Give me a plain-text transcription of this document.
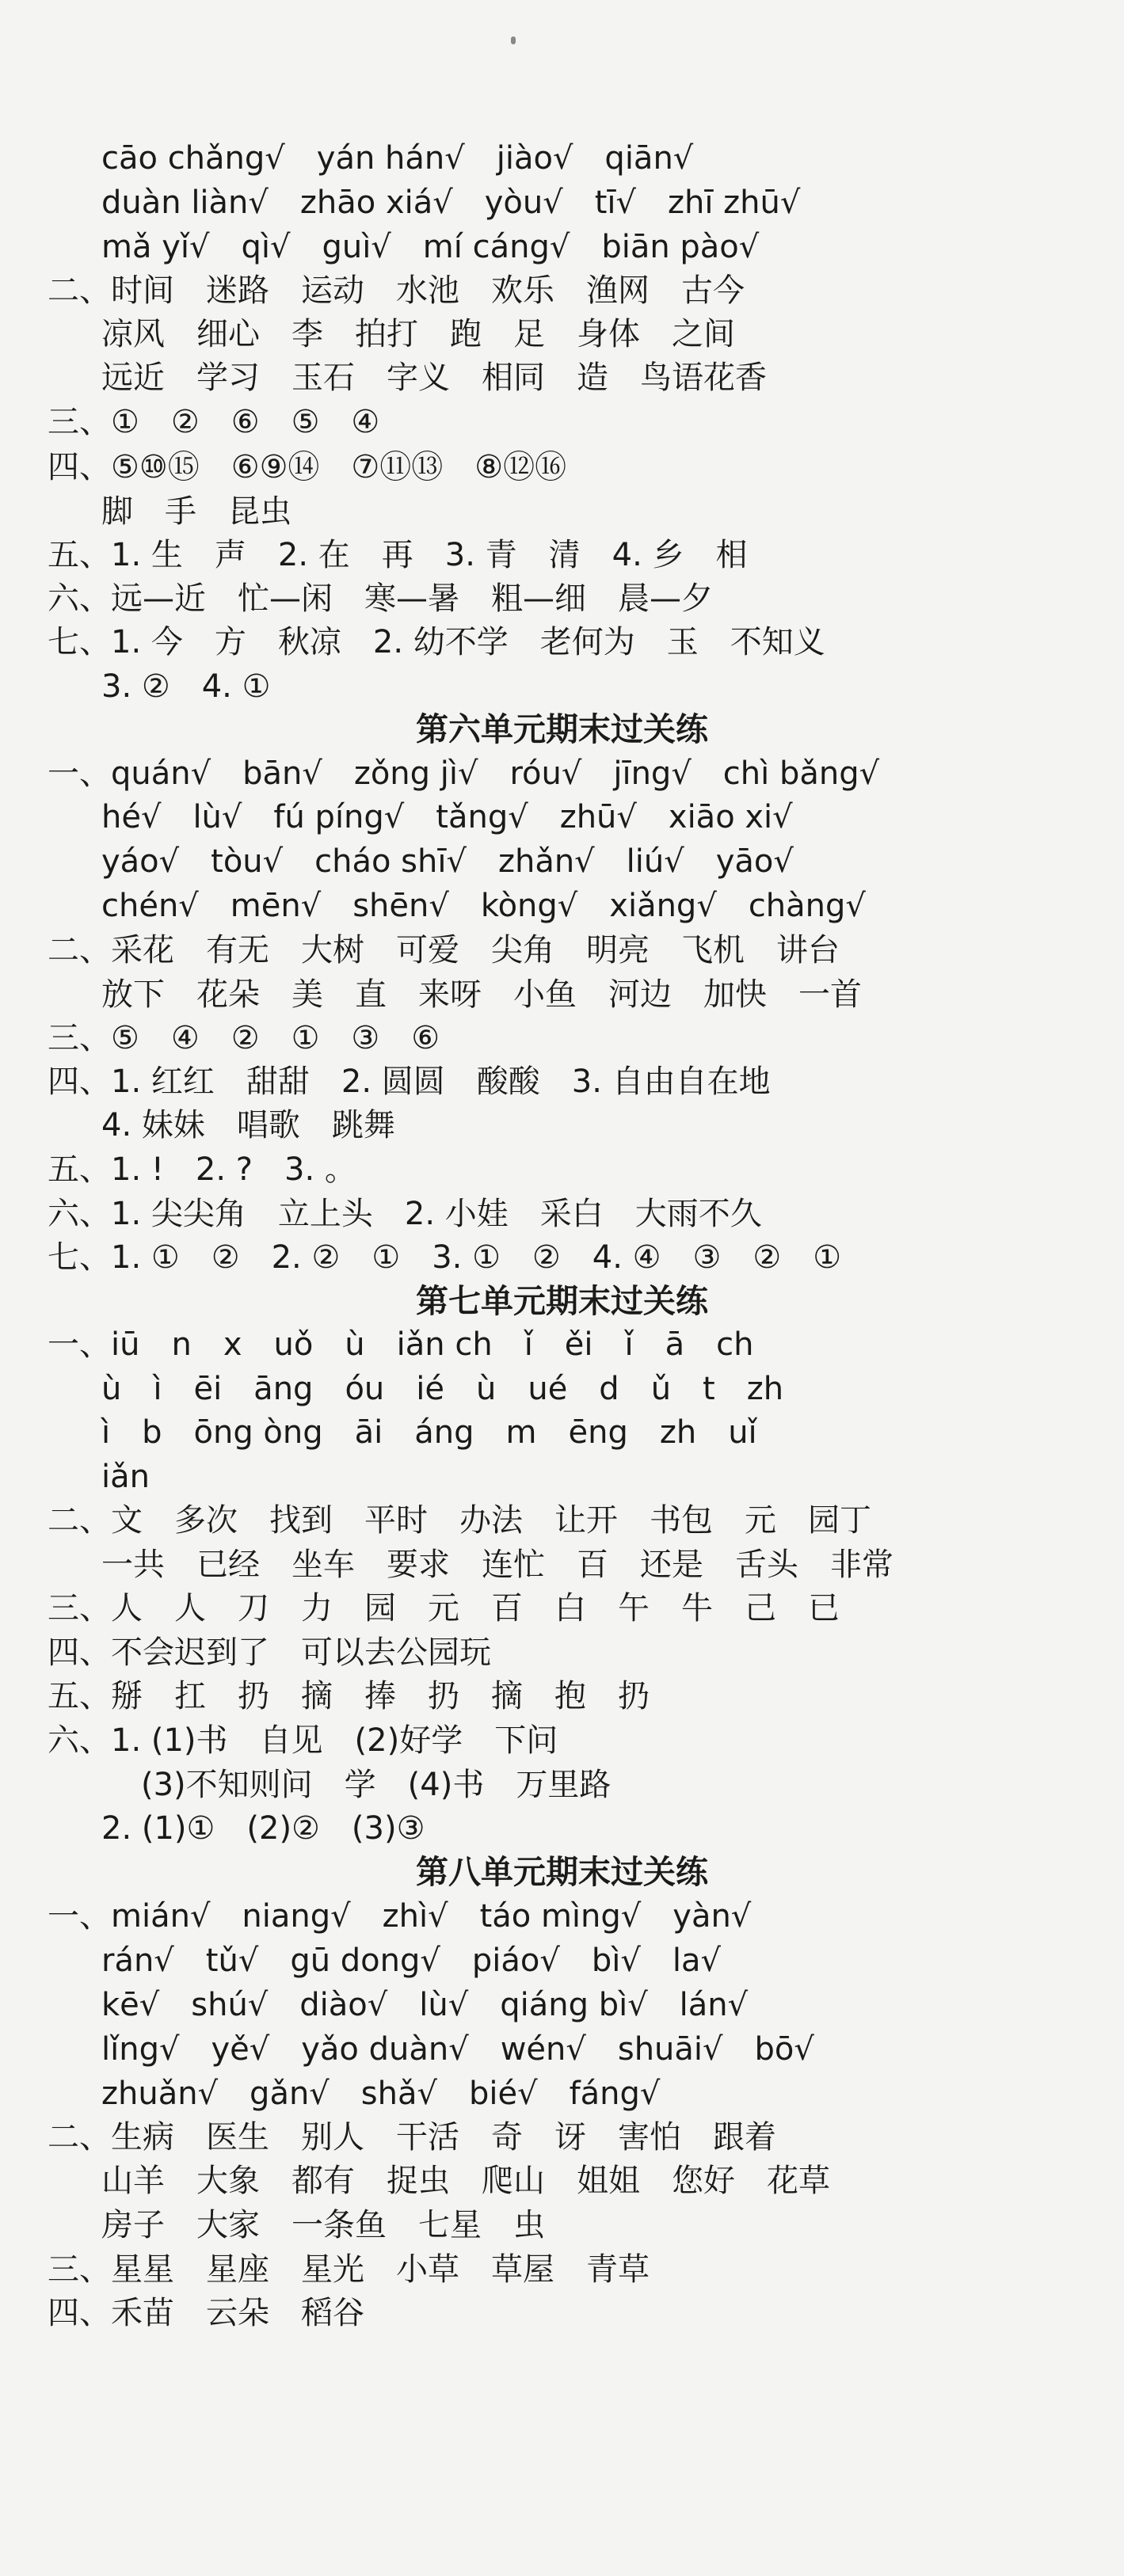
cāo chǎng√　yán hán√　jiào√　qiān√
duàn liàn√　zhāo xiá√　yòu√　tī√　zhī zhū√
mǎ yǐ√　qì√　guì√　mí cáng√　biān pào√
二、时间　迷路　运动　水池　欢乐　渔网　古今
凉风　细心　李　拍打　跑　足　身体　之间
远近　学习　玉石　字义　相同　造　鸟语花香
三、①　②　⑥　⑤　④
四、⑤⑩⑮　⑥⑨⑭　⑦⑪⑬　⑧⑫⑯
脚　手　昆虫
五、1. 生　声　2. 在　再　3. 青　清　4. 乡　相
六、远—近　忙—闲　寒—暑　粗—细　晨—夕
七、1. 今　方　秋凉　2. 幼不学　老何为　玉　不知义
3. ②　4. ①
第六单元期末过关练
一、quán√　bān√　zǒng jì√　róu√　jīng√　chì bǎng√
hé√　lù√　fú píng√　tǎng√　zhū√　xiāo xi√
yáo√　tòu√　cháo shī√　zhǎn√　liú√　yāo√
chén√　mēn√　shēn√　kòng√　xiǎng√　chàng√
二、采花　有无　大树　可爱　尖角　明亮　飞机　讲台
放下　花朵　美　直　来呀　小鱼　河边　加快　一首
三、⑤　④　②　①　③　⑥
四、1. 红红　甜甜　2. 圆圆　酸酸　3. 自由自在地
4. 妹妹　唱歌　跳舞
五、1. !　2. ?　3. 。
六、1. 尖尖角　立上头　2. 小娃　采白　大雨不久
七、1. ①　②　2. ②　①　3. ①　②　4. ④　③　②　①
第七单元期末过关练
一、iū　n　x　uǒ　ù　iǎn ch　ǐ　ěi　ǐ　ā　ch
ù　ì　ēi　āng　óu　ié　ù　ué　d　ǔ　t　zh
ì　b　ōng òng　āi　áng　m　ēng　zh　uǐ
iǎn
二、文　多次　找到　平时　办法　让开　书包　元　园丁
一共　已经　坐车　要求　连忙　百　还是　舌头　非常
三、人　人　刀　力　园　元　百　白　午　牛　己　已
四、不会迟到了　可以去公园玩
五、掰　扛　扔　摘　捧　扔　摘　抱　扔
六、1. (1)书　自见　(2)好学　下问
(3)不知则问　学　(4)书　万里路
2. (1)①　(2)②　(3)③
第八单元期末过关练
一、mián√　niang√　zhì√　táo mìng√　yàn√
rán√　tǔ√　gū dong√　piáo√　bì√　la√
kē√　shú√　diào√　lù√　qiáng bì√　lán√
lǐng√　yě√　yǎo duàn√　wén√　shuāi√　bō√
zhuǎn√　gǎn√　shǎ√　bié√　fáng√
二、生病　医生　别人　干活　奇　讶　害怕　跟着
山羊　大象　都有　捉虫　爬山　姐姐　您好　花草
房子　大家　一条鱼　七星　虫
三、星星　星座　星光　小草　草屋　青草
四、禾苗　云朵　稻谷
